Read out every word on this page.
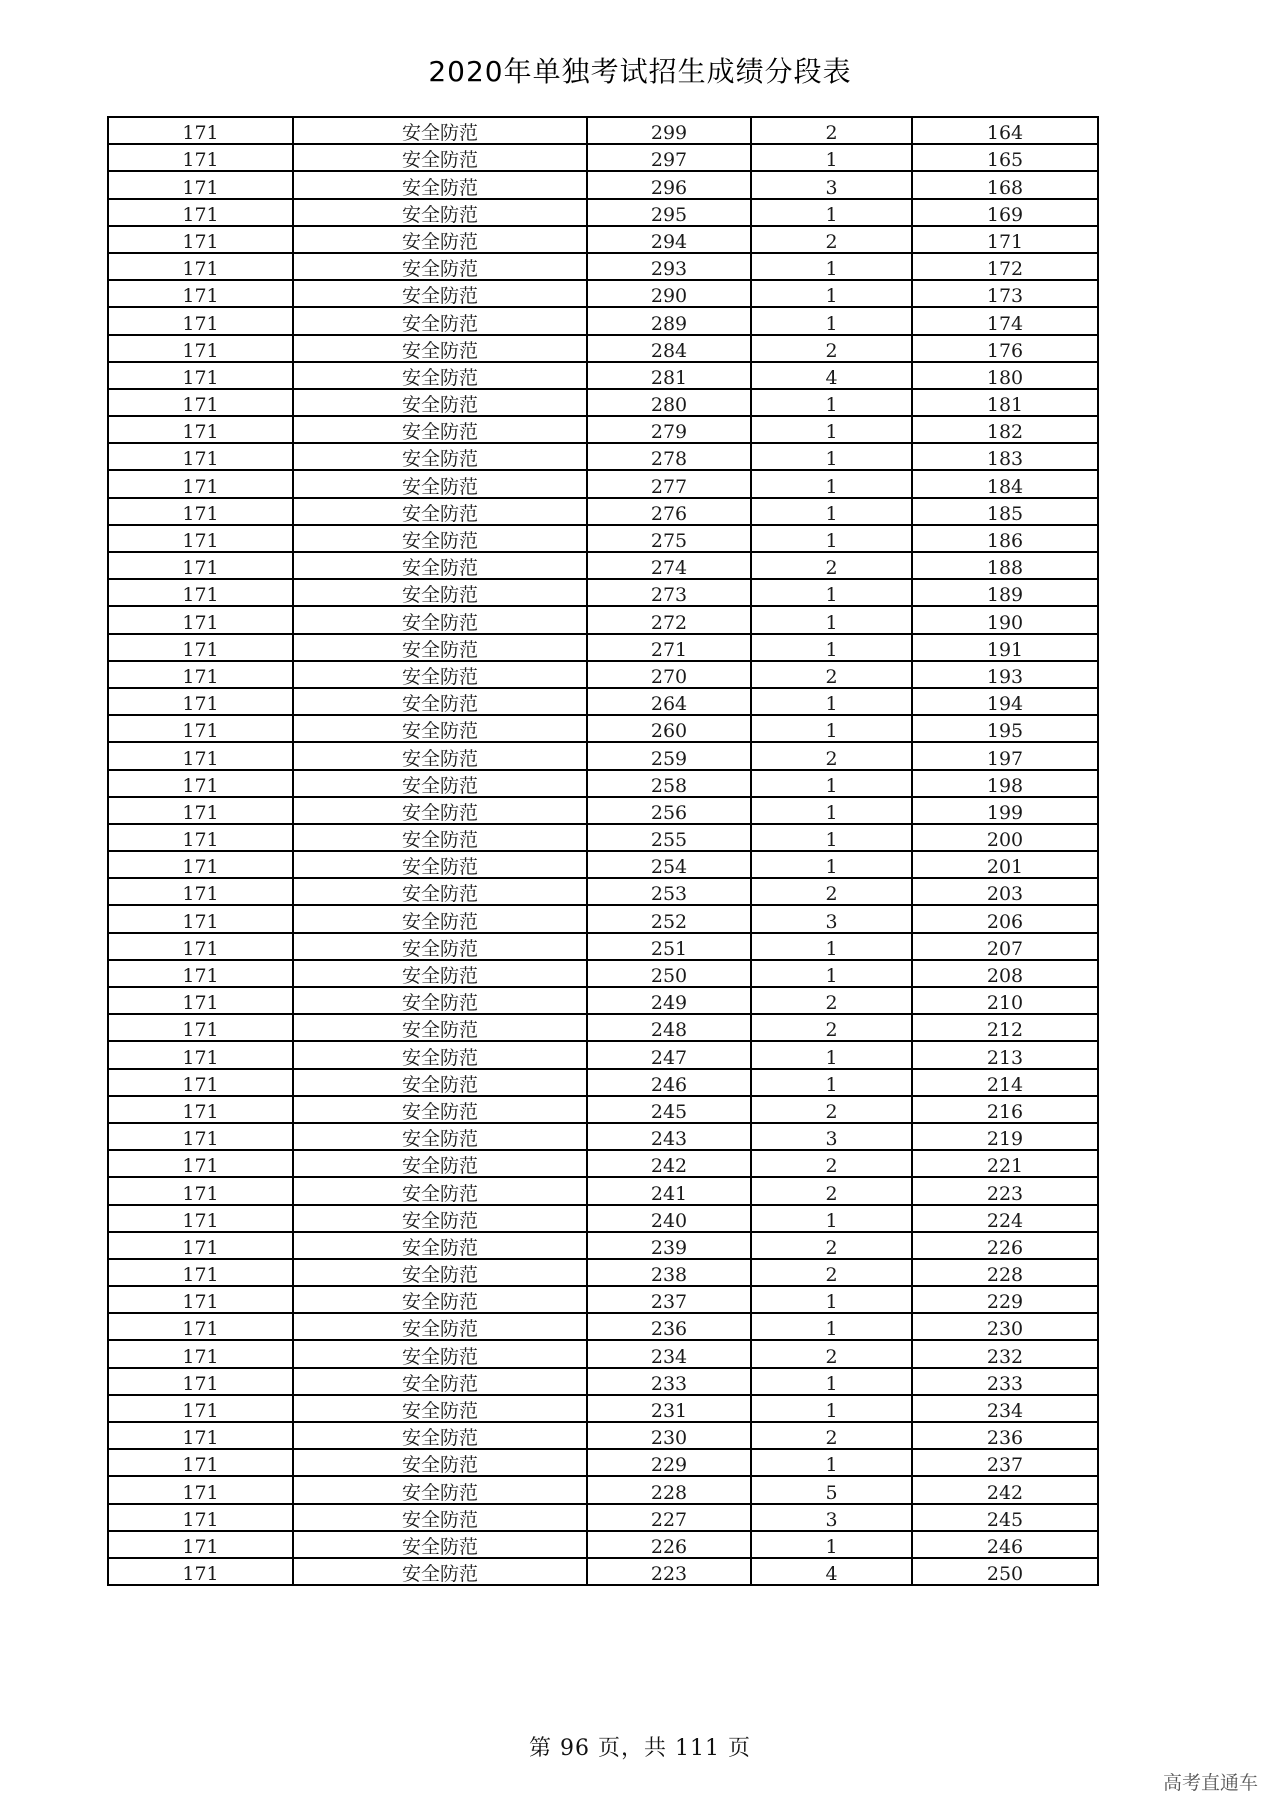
2020年单独考试招生成绩分段表
171	安全防范	299	2	164
171	安全防范	297	1	165
171	安全防范	296	3	168
171	安全防范	295	1	169
171	安全防范	294	2	171
171	安全防范	293	1	172
171	安全防范	290	1	173
171	安全防范	289	1	174
171	安全防范	284	2	176
171	安全防范	281	4	180
171	安全防范	280	1	181
171	安全防范	279	1	182
171	安全防范	278	1	183
171	安全防范	277	1	184
171	安全防范	276	1	185
171	安全防范	275	1	186
171	安全防范	274	2	188
171	安全防范	273	1	189
171	安全防范	272	1	190
171	安全防范	271	1	191
171	安全防范	270	2	193
171	安全防范	264	1	194
171	安全防范	260	1	195
171	安全防范	259	2	197
171	安全防范	258	1	198
171	安全防范	256	1	199
171	安全防范	255	1	200
171	安全防范	254	1	201
171	安全防范	253	2	203
171	安全防范	252	3	206
171	安全防范	251	1	207
171	安全防范	250	1	208
171	安全防范	249	2	210
171	安全防范	248	2	212
171	安全防范	247	1	213
171	安全防范	246	1	214
171	安全防范	245	2	216
171	安全防范	243	3	219
171	安全防范	242	2	221
171	安全防范	241	2	223
171	安全防范	240	1	224
171	安全防范	239	2	226
171	安全防范	238	2	228
171	安全防范	237	1	229
171	安全防范	236	1	230
171	安全防范	234	2	232
171	安全防范	233	1	233
171	安全防范	231	1	234
171	安全防范	230	2	236
171	安全防范	229	1	237
171	安全防范	228	5	242
171	安全防范	227	3	245
171	安全防范	226	1	246
171	安全防范	223	4	250
第 96 页，共 111 页
高考直通车
